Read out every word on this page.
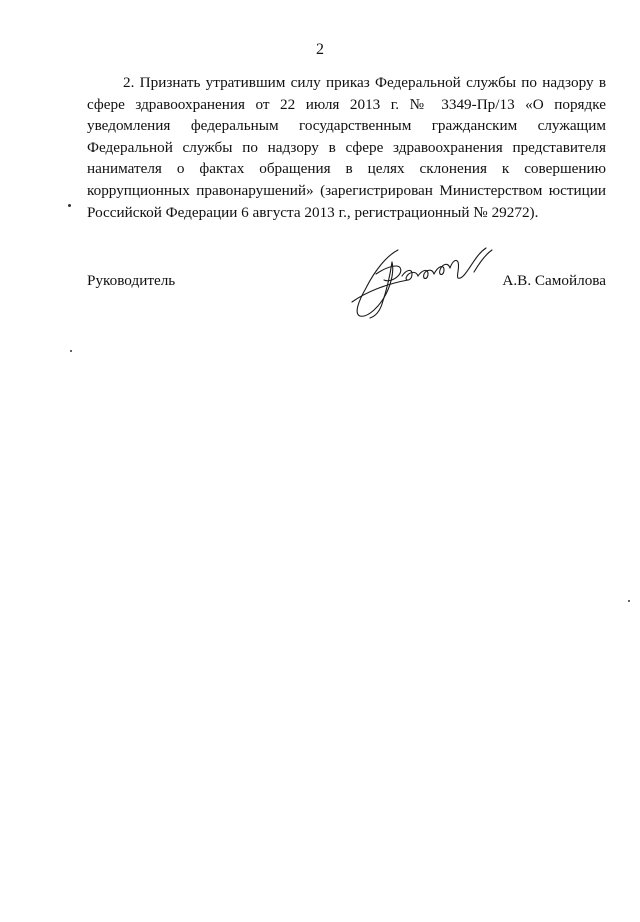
2
2. Признать утратившим силу приказ Федеральной службы по надзору в
сфере здравоохранения от 22 июля 2013 г. № 3349-Пр/13 «О порядке
уведомления федеральным государственным гражданским служащим
Федеральной службы по надзору в сфере здравоохранения представителя
нанимателя о фактах обращения в целях склонения к совершению
коррупционных правонарушений» (зарегистрирован Министерством юстиции
Российской Федерации 6 августа 2013 г., регистрационный № 29272).
Руководитель	А.В. Самойлова
